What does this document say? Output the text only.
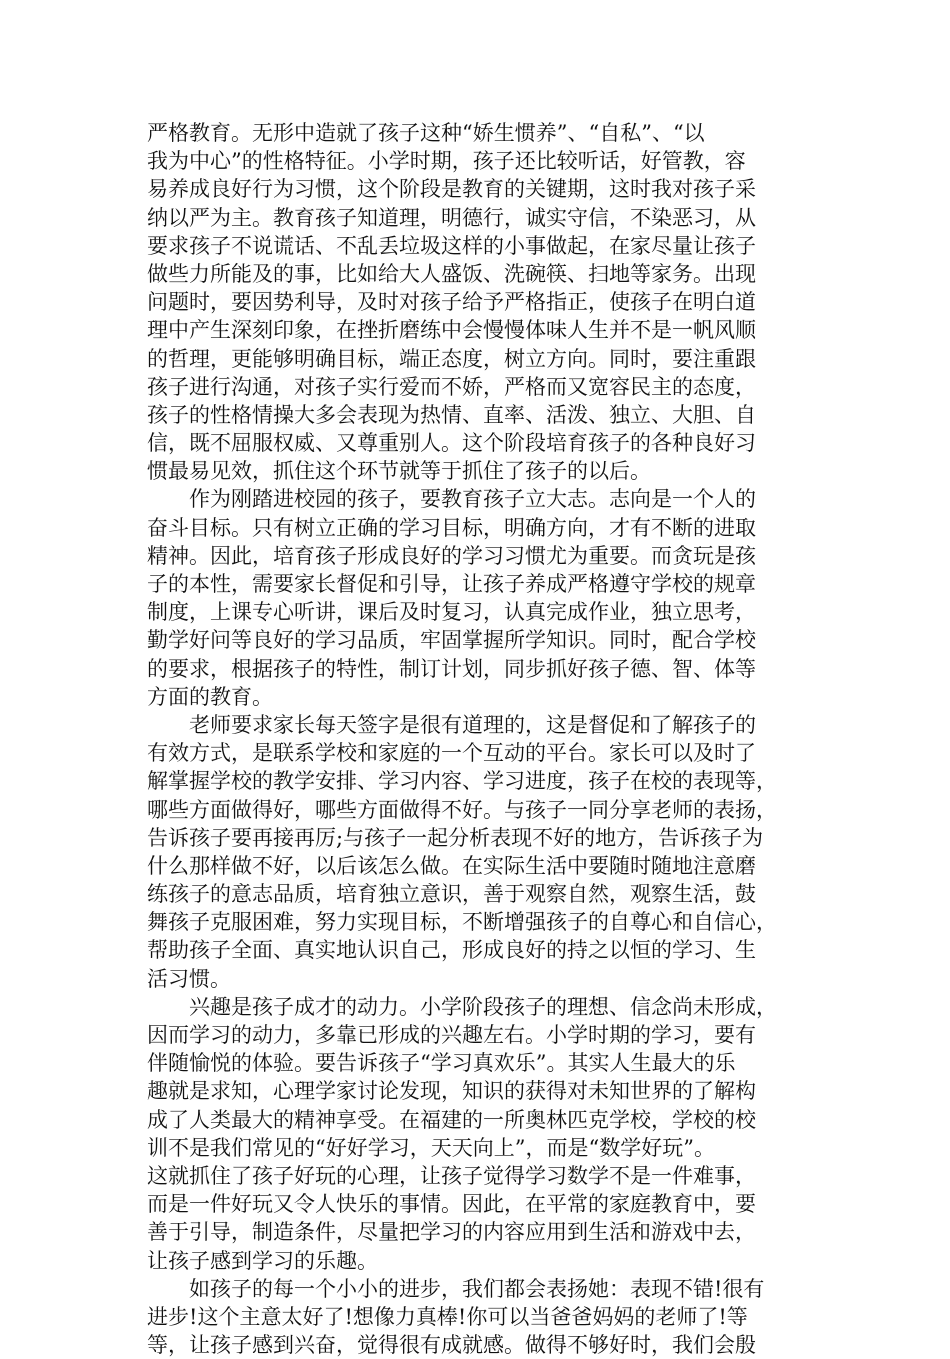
严格教育。无形中造就了孩子这种“娇生惯养”、“自私”、“以
我为中心”的性格特征。小学时期，孩子还比较听话，好管教，容
易养成良好行为习惯，这个阶段是教育的关键期，这时我对孩子采
纳以严为主。教育孩子知道理，明德行，诚实守信，不染恶习，从
要求孩子不说谎话、不乱丢垃圾这样的小事做起，在家尽量让孩子
做些力所能及的事，比如给大人盛饭、洗碗筷、扫地等家务。出现
问题时，要因势利导，及时对孩子给予严格指正，使孩子在明白道
理中产生深刻印象，在挫折磨练中会慢慢体味人生并不是一帆风顺
的哲理，更能够明确目标，端正态度，树立方向。同时，要注重跟
孩子进行沟通，对孩子实行爱而不娇，严格而又宽容民主的态度，
孩子的性格情操大多会表现为热情、直率、活泼、独立、大胆、自
信，既不屈服权威、又尊重别人。这个阶段培育孩子的各种良好习
惯最易见效，抓住这个环节就等于抓住了孩子的以后。
作为刚踏进校园的孩子，要教育孩子立大志。志向是一个人的
奋斗目标。只有树立正确的学习目标，明确方向，才有不断的进取
精神。因此，培育孩子形成良好的学习习惯尤为重要。而贪玩是孩
子的本性，需要家长督促和引导，让孩子养成严格遵守学校的规章
制度，上课专心听讲，课后及时复习，认真完成作业，独立思考，
勤学好问等良好的学习品质，牢固掌握所学知识。同时，配合学校
的要求，根据孩子的特性，制订计划，同步抓好孩子德、智、体等
方面的教育。
老师要求家长每天签字是很有道理的，这是督促和了解孩子的
有效方式，是联系学校和家庭的一个互动的平台。家长可以及时了
解掌握学校的教学安排、学习内容、学习进度，孩子在校的表现等，
哪些方面做得好，哪些方面做得不好。与孩子一同分享老师的表扬，
告诉孩子要再接再厉;与孩子一起分析表现不好的地方，告诉孩子为
什么那样做不好，以后该怎么做。在实际生活中要随时随地注意磨
练孩子的意志品质，培育独立意识，善于观察自然，观察生活，鼓
舞孩子克服困难，努力实现目标，不断增强孩子的自尊心和自信心，
帮助孩子全面、真实地认识自己，形成良好的持之以恒的学习、生
活习惯。
兴趣是孩子成才的动力。小学阶段孩子的理想、信念尚未形成，
因而学习的动力，多靠已形成的兴趣左右。小学时期的学习，要有
伴随愉悦的体验。要告诉孩子“学习真欢乐”。其实人生最大的乐
趣就是求知，心理学家讨论发现，知识的获得对未知世界的了解构
成了人类最大的精神享受。在福建的一所奥林匹克学校，学校的校
训不是我们常见的“好好学习，天天向上”，而是“数学好玩”。
这就抓住了孩子好玩的心理，让孩子觉得学习数学不是一件难事，
而是一件好玩又令人快乐的事情。因此，在平常的家庭教育中，要
善于引导，制造条件，尽量把学习的内容应用到生活和游戏中去，
让孩子感到学习的乐趣。
如孩子的每一个小小的进步，我们都会表扬她：表现不错!很有
进步!这个主意太好了!想像力真棒!你可以当爸爸妈妈的老师了!等
等，让孩子感到兴奋，觉得很有成就感。做得不够好时，我们会殷
